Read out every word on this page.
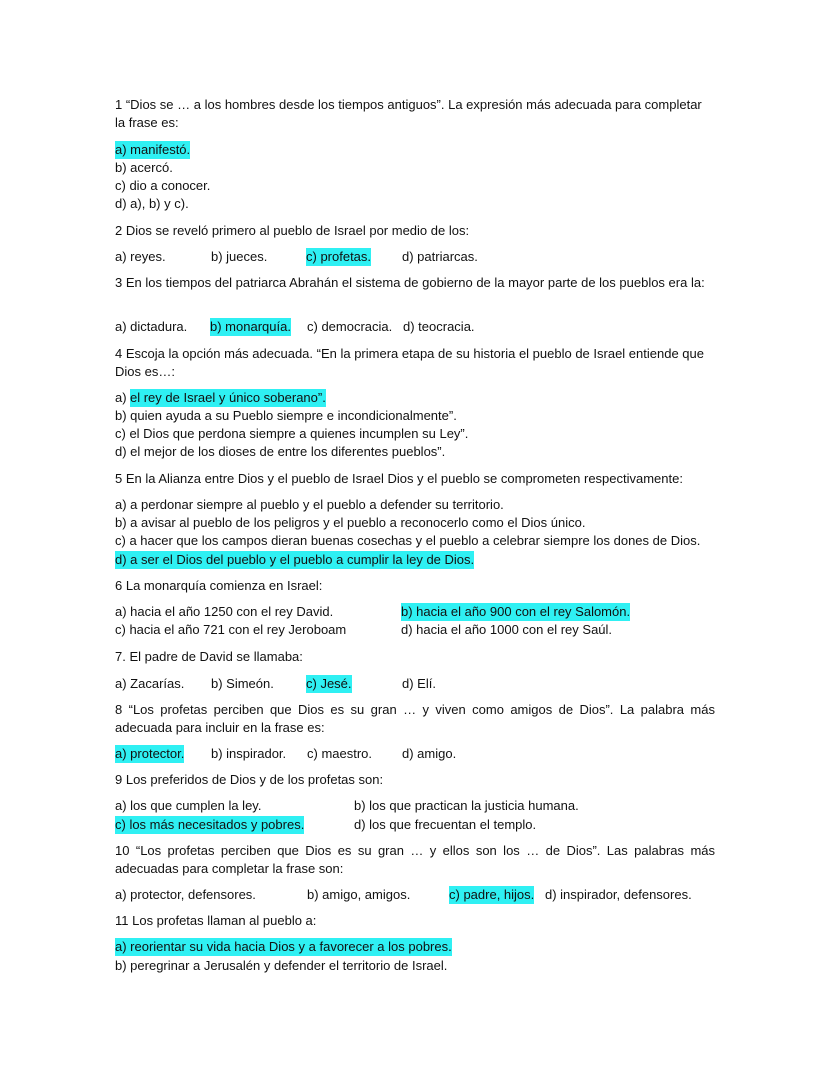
1 “Dios se … a los hombres desde los tiempos antiguos”. La expresión más adecuada para completar la frase es:
a) manifestó.
b) acercó.
c) dio a conocer.
d) a), b) y c).
2 Dios se reveló primero al pueblo de Israel por medio de los:
a) reyes.	b) jueces.	c) profetas. d) patriarcas.
3 En los tiempos del patriarca Abrahán el sistema de gobierno de la mayor parte de los pueblos era la:
a) dictadura. b) monarquía. c) democracia. d) teocracia.
4 Escoja la opción más adecuada. “En la primera etapa de su historia el pueblo de Israel entiende que Dios es…:
a) el rey de Israel y único soberano”.
b) quien ayuda a su Pueblo siempre e incondicionalmente”.
c) el Dios que perdona siempre a quienes incumplen su Ley”.
d) el mejor de los dioses de entre los diferentes pueblos”.
5 En la Alianza entre Dios y el pueblo de Israel Dios y el pueblo se comprometen respectivamente:
a) a perdonar siempre al pueblo y el pueblo a defender su territorio.
b) a avisar al pueblo de los peligros y el pueblo a reconocerlo como el Dios único.
c) a hacer que los campos dieran buenas cosechas y el pueblo a celebrar siempre los dones de Dios.
d) a ser el Dios del pueblo y el pueblo a cumplir la ley de Dios.
6 La monarquía comienza en Israel:
a) hacia el año 1250 con el rey David.	b) hacia el año 900 con el rey Salomón.
c) hacia el año 721 con el rey Jeroboam	d) hacia el año 1000 con el rey Saúl.
7. El padre de David se llamaba:
a) Zacarías. b) Simeón. c) Jesé.	d) Elí.
8 “Los profetas perciben que Dios es su gran … y viven como amigos de Dios”. La palabra más adecuada para incluir en la frase es:
a) protector. b) inspirador. c) maestro. d) amigo.
9 Los preferidos de Dios y de los profetas son:
a) los que cumplen la ley.	b) los que practican la justicia humana.
c) los más necesitados y pobres.	d) los que frecuentan el templo.
10 “Los profetas perciben que Dios es su gran … y ellos son los … de Dios”. Las palabras más adecuadas para completar la frase son:
a) protector, defensores.	b) amigo, amigos.	c) padre, hijos. d) inspirador, defensores.
11 Los profetas llaman al pueblo a:
a) reorientar su vida hacia Dios y a favorecer a los pobres.
b) peregrinar a Jerusalén y defender el territorio de Israel.
